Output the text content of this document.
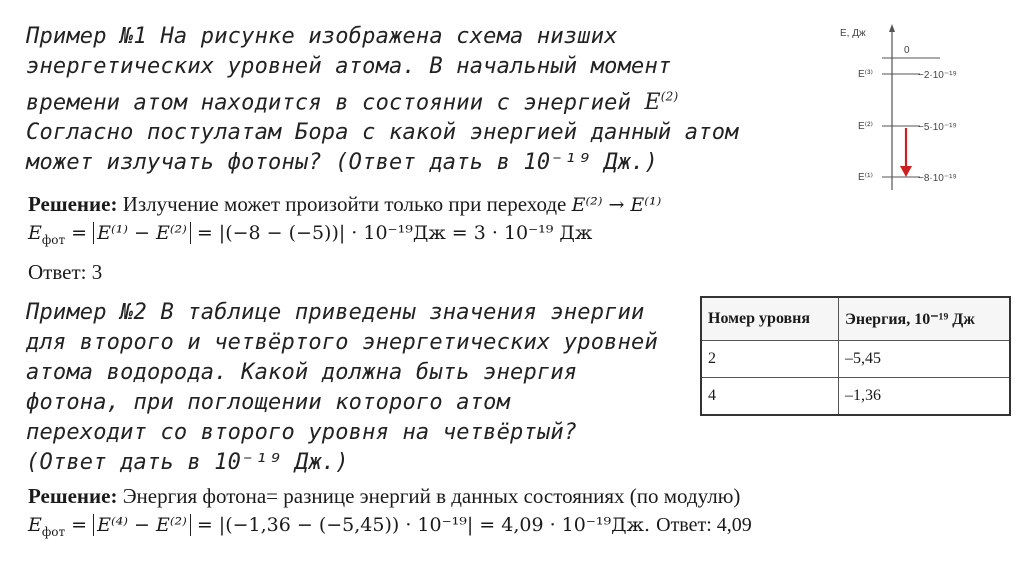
Пример №1 На рисунке изображена схема низших
энергетических уровней атома. В начальный момент
времени атом находится в состоянии с энергией $E^{(2)}$
Согласно постулатам Бора с какой энергией данный атом
может излучать фотоны? (Ответ дать в 10⁻¹⁹ Дж.)
E, Дж
0
E⁽³⁾	−2·10⁻¹⁹
E⁽²⁾	−5·10⁻¹⁹
E⁽¹⁾	−8·10⁻¹⁹
Решение: Излучение может произойти только при переходе E⁽²⁾ → E⁽¹⁾
$E_{фот} = E^{(1)} - E^{(2)} = |(-8 - (-5))| \cdot 10^{-19}Дж = 3 \cdot 10^{-19}$ Дж
Ответ: 3
Пример №2 В таблице приведены значения энергии
для второго и четвёртого энергетических уровней
атома водорода. Какой должна быть энергия
фотона, при поглощении которого атом
переходит со второго уровня на четвёртый?
(Ответ дать в 10⁻¹⁹ Дж.)
Номер уровня	Энергия, 10⁻¹⁹ Дж
2	–5,45
4	–1,36
Решение: Энергия фотона= разнице энергий в данных состояниях (по модулю)
$E_{фот} = E^{(4)} - E^{(2)} = |(-1,36 - (-5,45)) \cdot 10^{-19}| = 4,09 \cdot 10^{-19}Дж$. Ответ: 4,09
